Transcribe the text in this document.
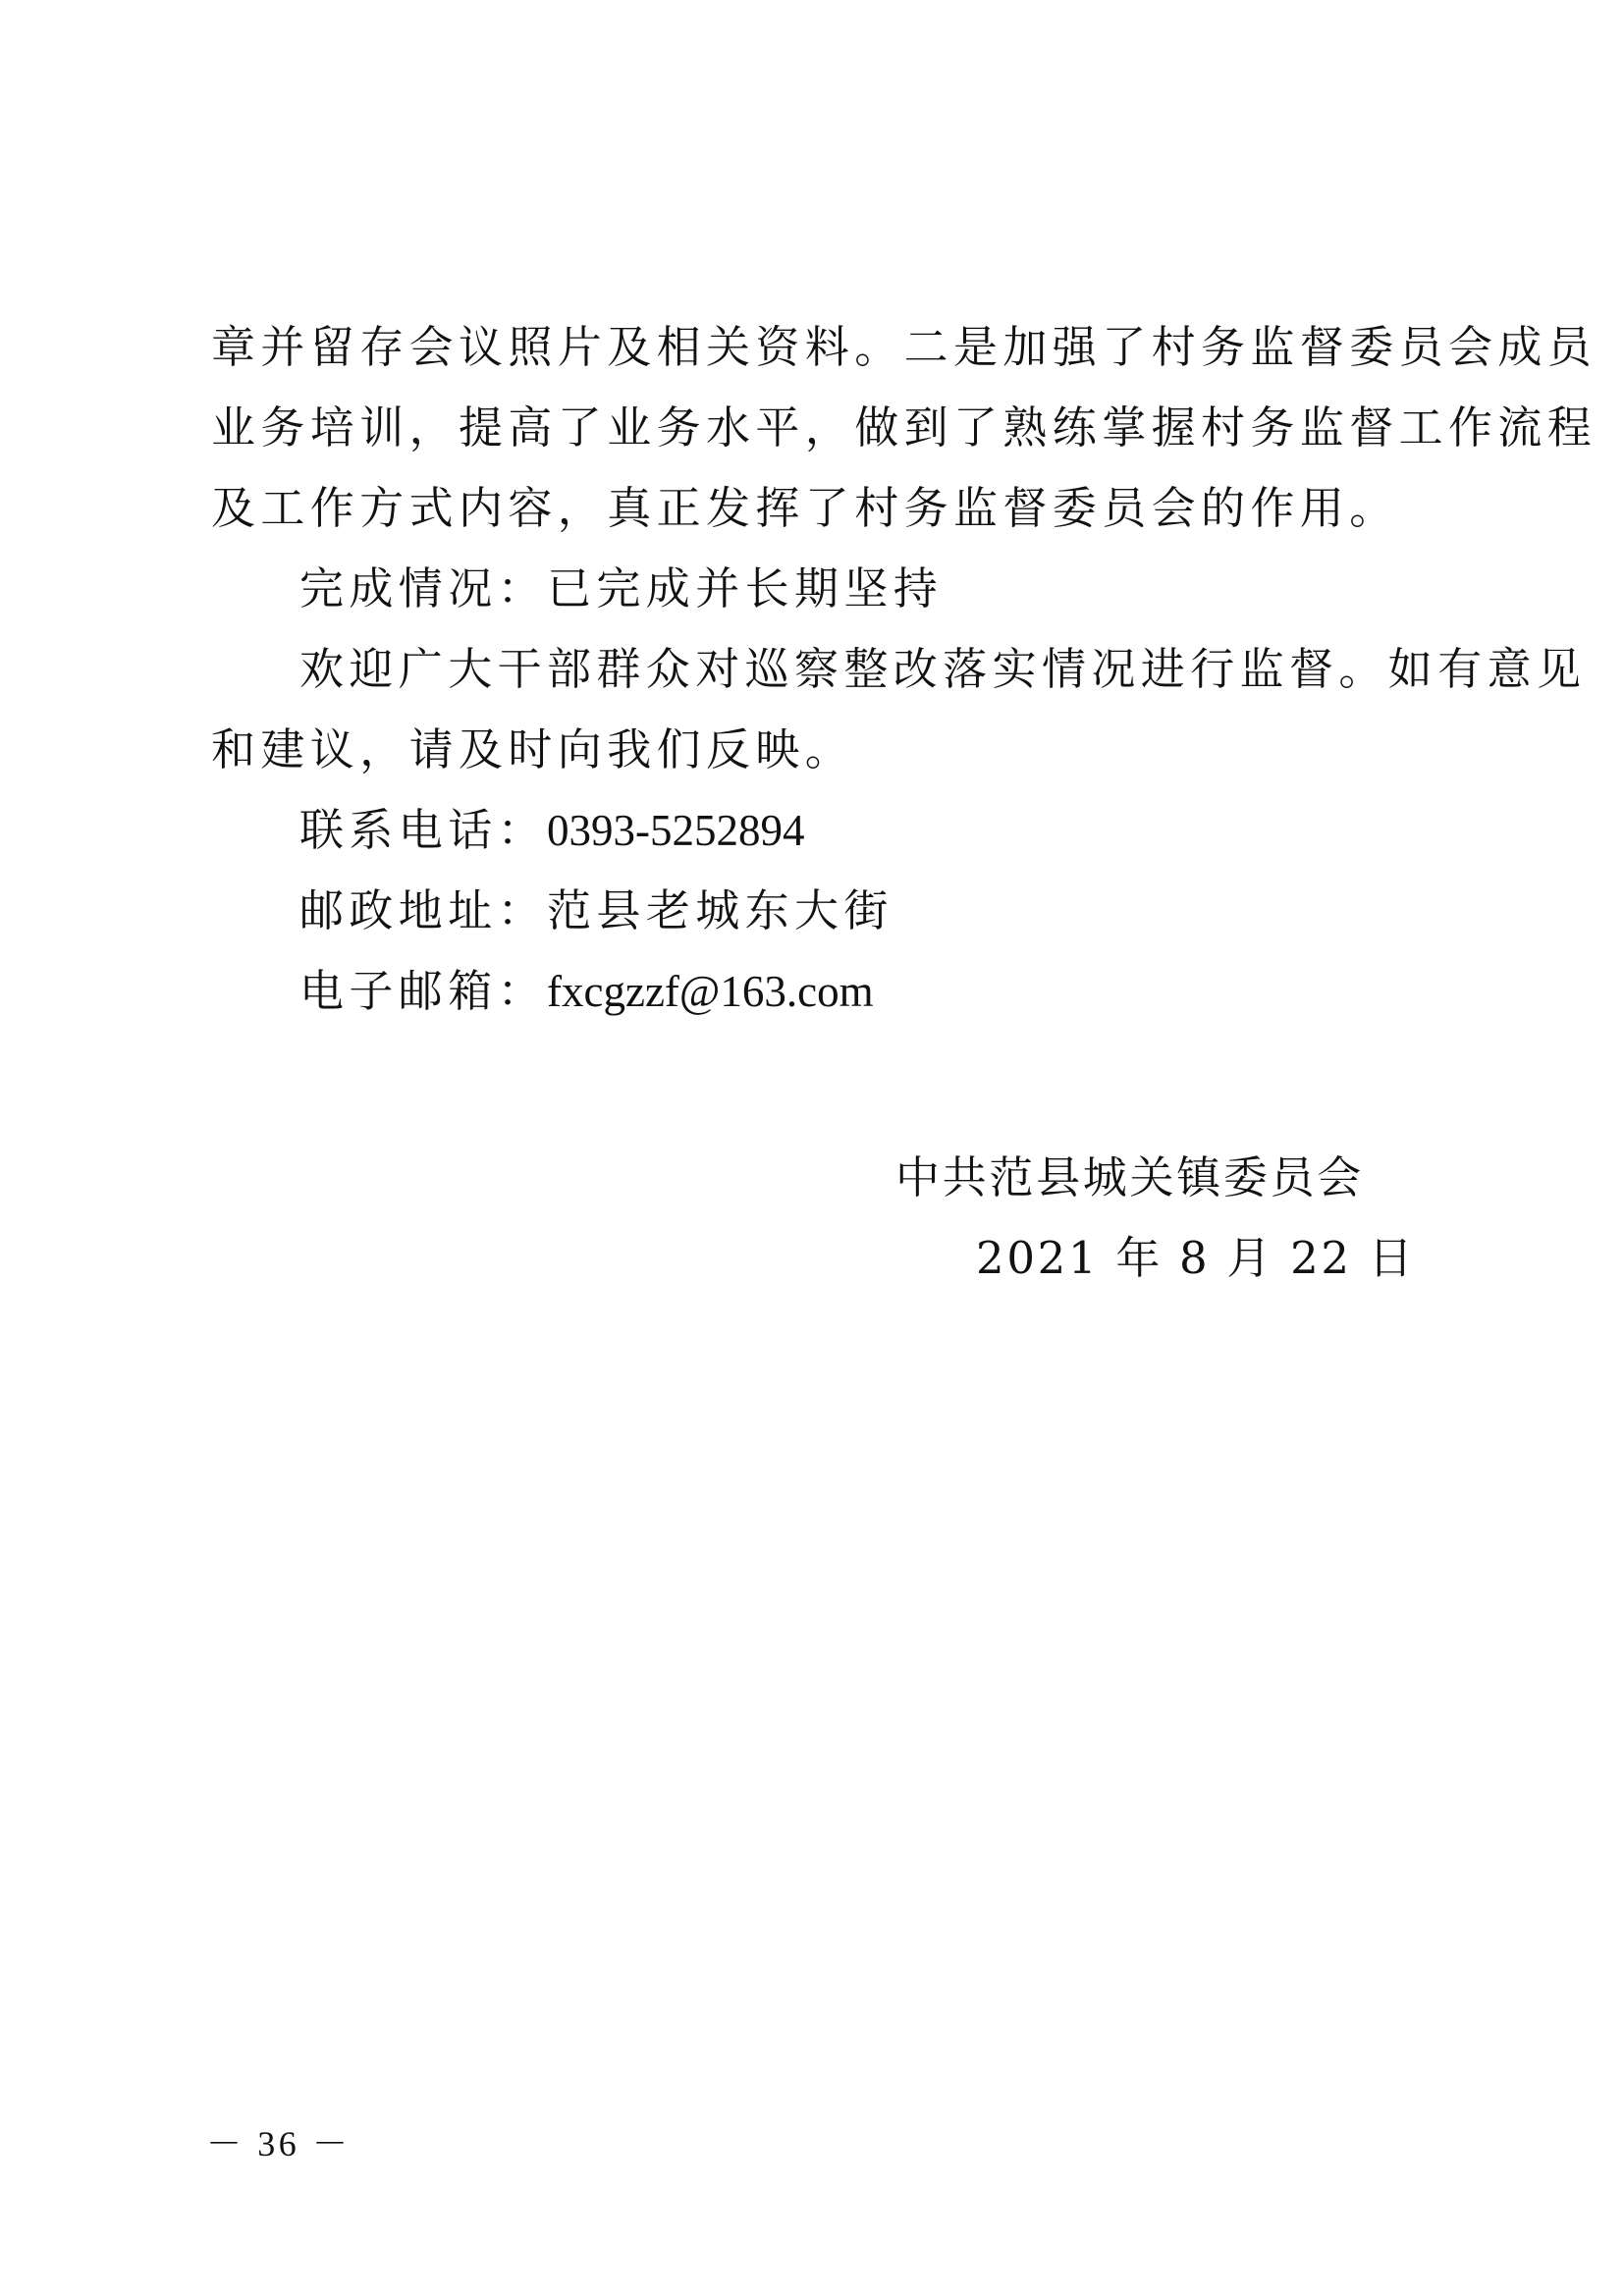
章并留存会议照片及相关资料。二是加强了村务监督委员会成员
业务培训，提高了业务水平，做到了熟练掌握村务监督工作流程
及工作方式内容，真正发挥了村务监督委员会的作用。
完成情况：已完成并长期坚持
欢迎广大干部群众对巡察整改落实情况进行监督。如有意见
和建议，请及时向我们反映。
联系电话：0393-5252894
邮政地址：范县老城东大街
电子邮箱：fxcgzzf@163.com
中共范县城关镇委员会
2021 年 8 月 22 日
－ 36 －
